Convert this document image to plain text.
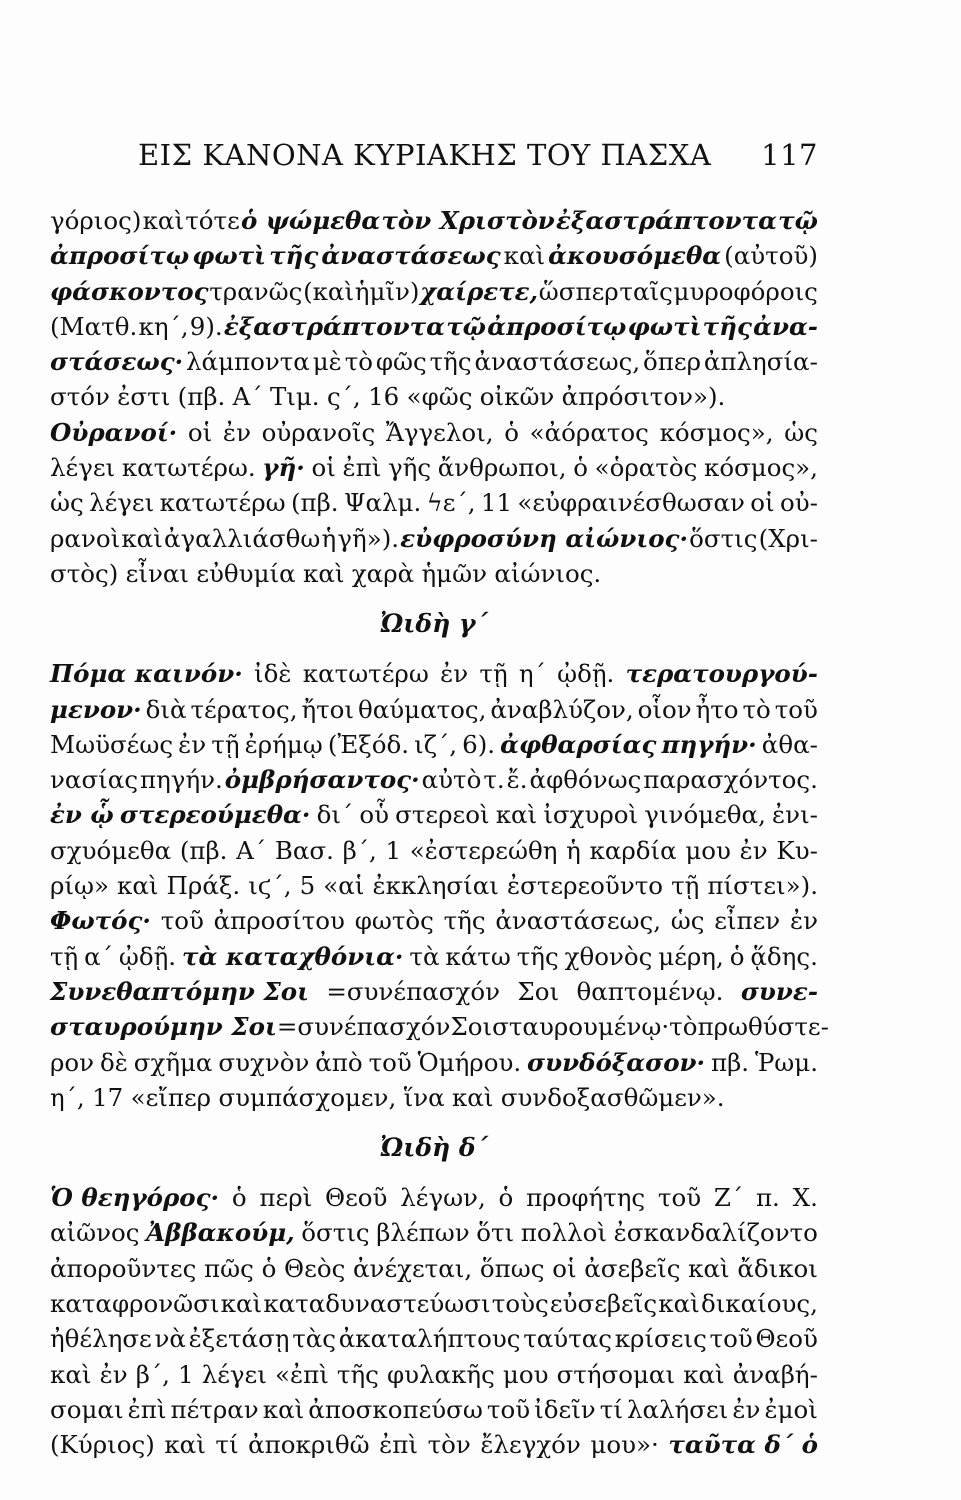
ΕΙΣ ΚΑΝΟΝΑ ΚΥΡΙΑΚΗΣ ΤΟΥ ΠΑΣΧΑ 117
γόριος) καὶ τότε ὁ ψώμεθα τὸν Χριστὸν ἐξαστράπτοντα τῷ
ἀπροσίτῳ φωτὶ τῆς ἀναστάσεως καὶ ἀκουσόμεθα (αὐτοῦ)
φάσκοντος τρανῶς (καὶ ἡμῖν) χαίρετε, ὥσπερ ταῖς μυροφόροις
(Ματθ. κη΄, 9). ἐξαστράπτοντα τῷ ἀπροσίτῳ φωτὶ τῆς ἀνα-
στάσεως· λάμποντα μὲ τὸ φῶς τῆς ἀναστάσεως, ὅπερ ἀπλησία-
στόν ἐστι (πβ. Α΄ Τιμ. ς΄, 16 «φῶς οἰκῶν ἀπρόσιτον»).
Οὐρανοί· οἱ ἐν οὐρανοῖς Ἄγγελοι, ὁ «ἀόρατος κόσμος», ὡς
λέγει κατωτέρω. γῆ· οἱ ἐπὶ γῆς ἄνθρωποι, ὁ «ὁρατὸς κόσμος»,
ὡς λέγει κατωτέρω (πβ. Ψαλμ. ϟε΄, 11 «εὐφραινέσθωσαν οἱ οὐ-
ρανοὶ καὶ ἀγαλλιάσθω ἡ γῆ»). εὐφροσύνη αἰώνιος· ὅστις (Χρι-
στὸς) εἶναι εὐθυμία καὶ χαρὰ ἡμῶν αἰώνιος.
Ὠιδὴ γ΄
Πόμα καινόν· ἰδὲ κατωτέρω ἐν τῇ η΄ ᾠδῇ. τερατουργού-
μενον· διὰ τέρατος, ἤτοι θαύματος, ἀναβλύζον, οἷον ἦτο τὸ τοῦ
Μωϋσέως ἐν τῇ ἐρήμῳ (Ἐξόδ. ιζ΄, 6). ἀφθαρσίας πηγήν· ἀθα-
νασίας πηγήν. ὀμβρήσαντος· αὐτὸ τ. ἔ. ἀφθόνως παρασχόντος.
ἐν ᾧ στερεούμεθα· δι΄ οὗ στερεοὶ καὶ ἰσχυροὶ γινόμεθα, ἐνι-
σχυόμεθα (πβ. Α΄ Βασ. β΄, 1 «ἐστερεώθη ἡ καρδία μου ἐν Κυ-
ρίῳ» καὶ Πράξ. ιϛ΄, 5 «αἱ ἐκκλησίαι ἐστερεοῦντο τῇ πίστει»).
Φωτός· τοῦ ἀπροσίτου φωτὸς τῆς ἀναστάσεως, ὡς εἶπεν ἐν
τῇ α΄ ᾠδῇ. τὰ καταχθόνια· τὰ κάτω τῆς χθονὸς μέρη, ὁ ᾅδης.
Συνεθαπτόμην Σοι =συνέπασχόν Σοι θαπτομένῳ. συνε-
σταυρούμην Σοι =συνέπασχόν Σοι σταυρουμένῳ· τὸ πρωθύστε-
ρον δὲ σχῆμα συχνὸν ἀπὸ τοῦ Ὁμήρου. συνδόξασον· πβ. Ῥωμ.
η΄, 17 «εἴπερ συμπάσχομεν, ἵνα καὶ συνδοξασθῶμεν».
Ὠιδὴ δ΄
Ὁ θεηγόρος· ὁ περὶ Θεοῦ λέγων, ὁ προφήτης τοῦ Ζ΄ π. Χ.
αἰῶνος Ἀββακούμ, ὅστις βλέπων ὅτι πολλοὶ ἐσκανδαλίζοντο
ἀποροῦντες πῶς ὁ Θεὸς ἀνέχεται, ὅπως οἱ ἀσεβεῖς καὶ ἄδικοι
καταφρονῶσι καὶ καταδυναστεύωσι τοὺς εὐσεβεῖς καὶ δικαίους,
ἠθέλησε νὰ ἐξετάσῃ τὰς ἀκαταλήπτους ταύτας κρίσεις τοῦ Θεοῦ
καὶ ἐν β΄, 1 λέγει «ἐπὶ τῆς φυλακῆς μου στήσομαι καὶ ἀναβή-
σομαι ἐπὶ πέτραν καὶ ἀποσκοπεύσω τοῦ ἰδεῖν τί λαλήσει ἐν ἐμοὶ
(Κύριος) καὶ τί ἀποκριθῶ ἐπὶ τὸν ἔλεγχόν μου»· ταῦτα δ΄ ὁ
